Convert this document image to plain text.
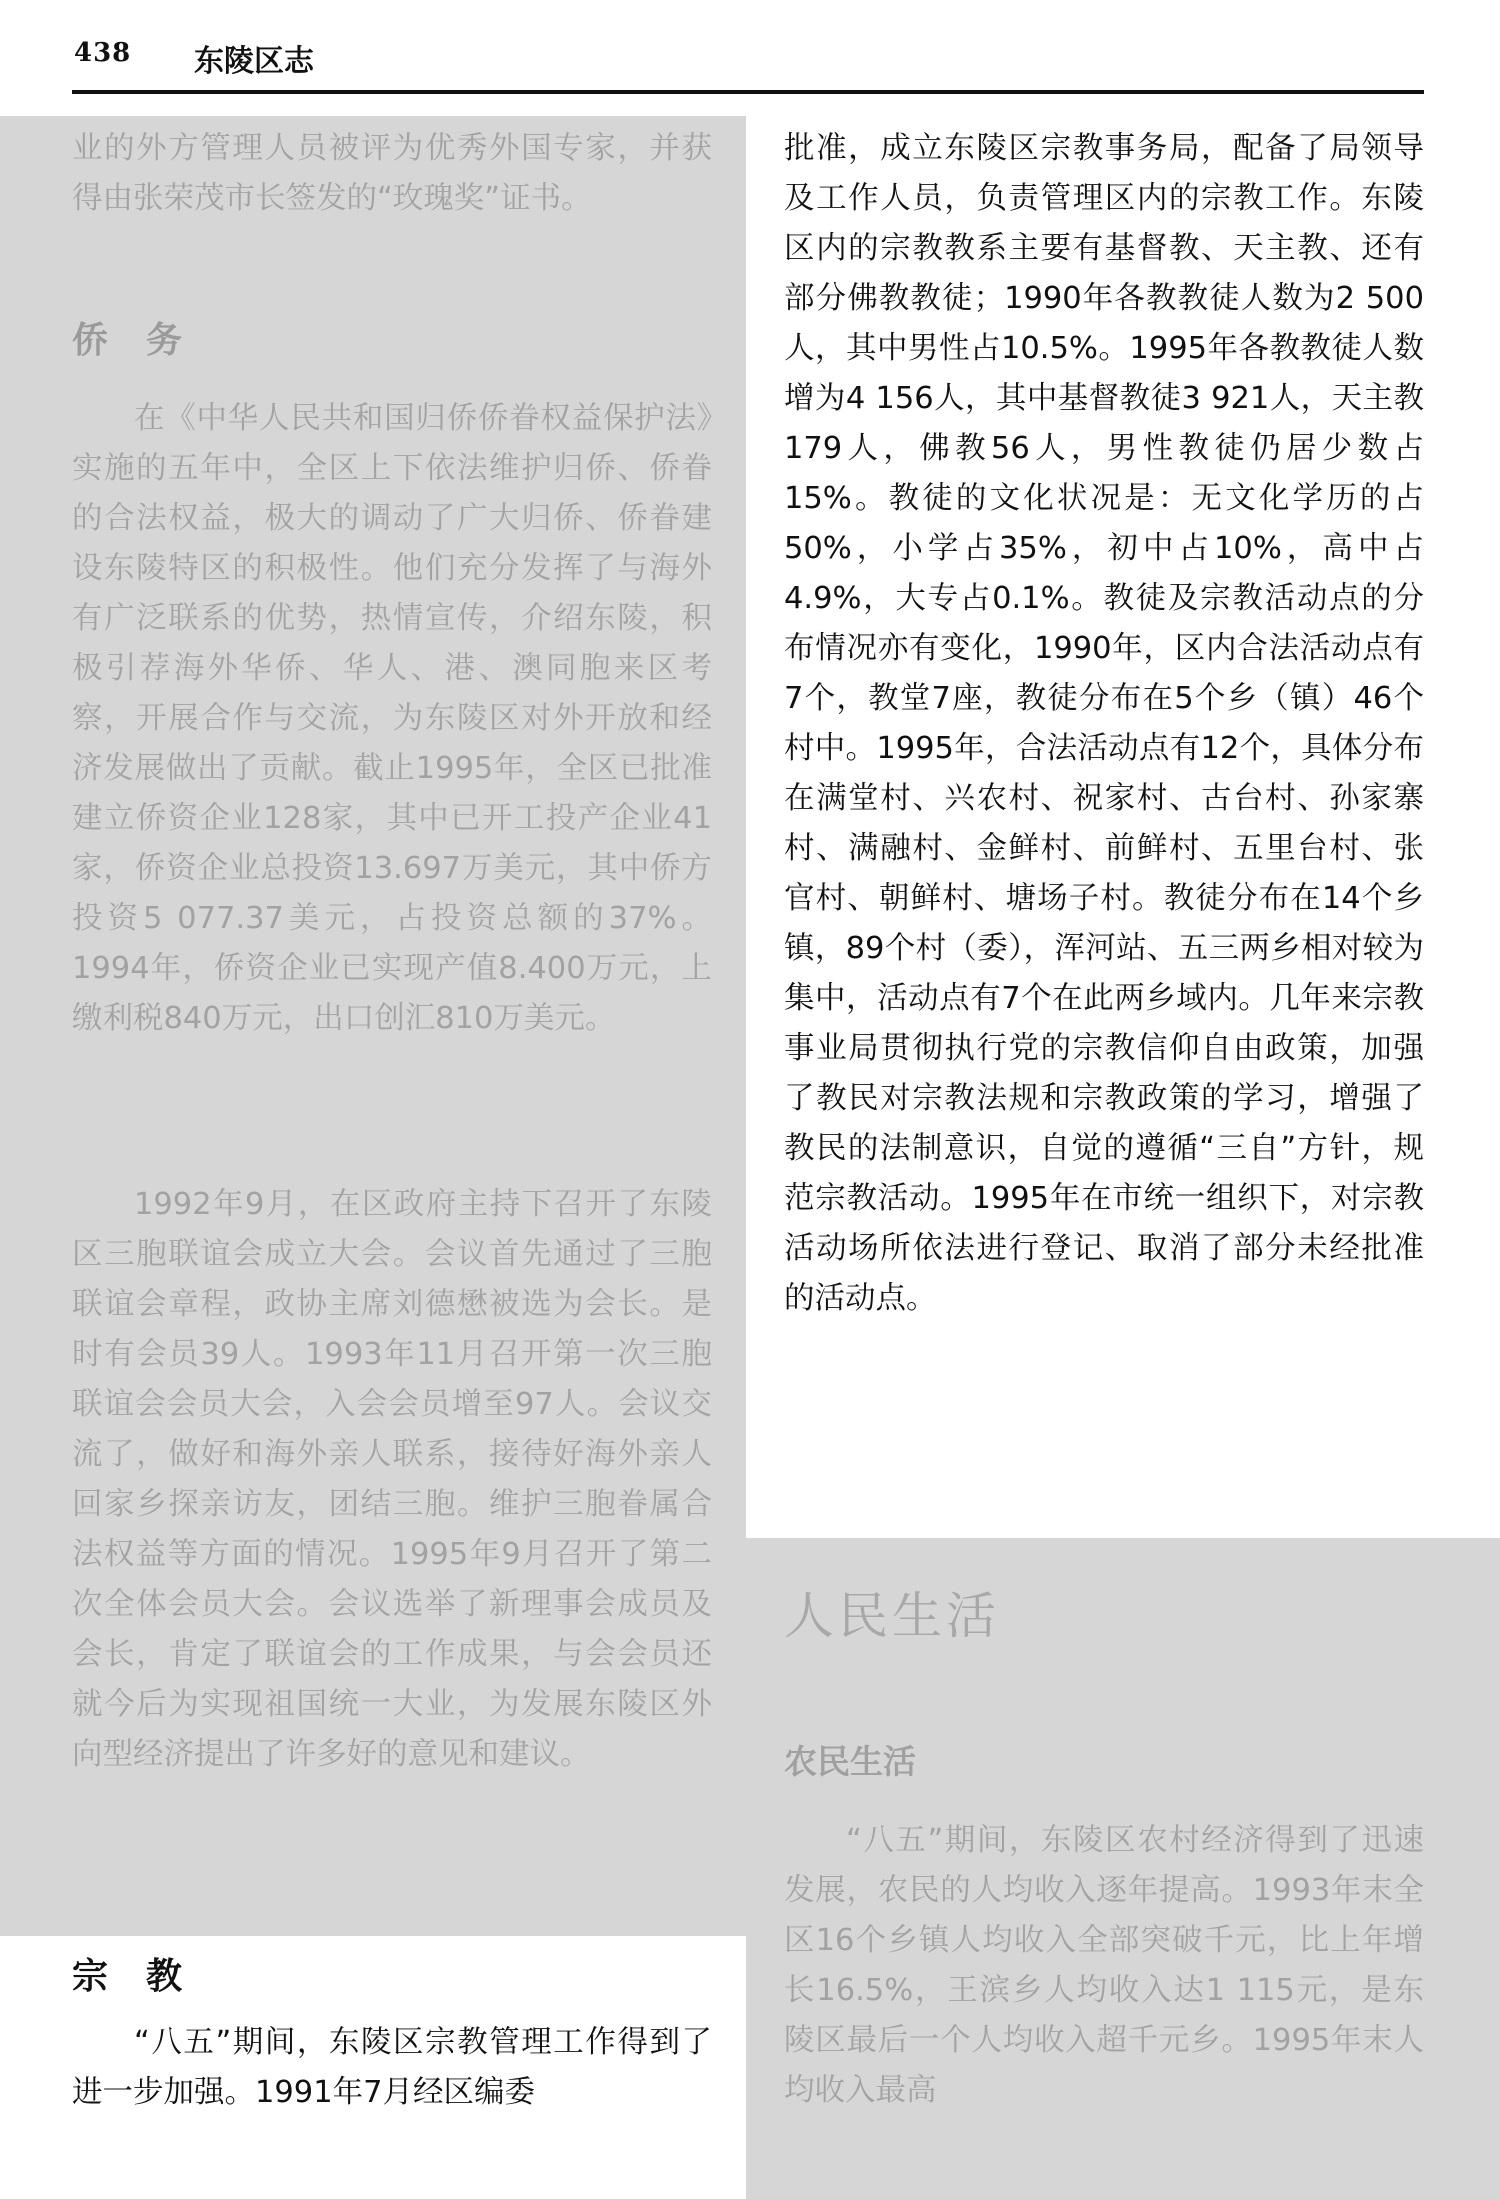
438 东陵区志

业的外方管理人员被评为优秀外国专家，并获得由张荣茂市长签发的“玫瑰奖”证书。

侨务

在《中华人民共和国归侨侨眷权益保护法》实施的五年中，全区上下依法维护归侨、侨眷的合法权益，极大的调动了广大归侨、侨眷建设东陵特区的积极性。他们充分发挥了与海外有广泛联系的优势，热情宣传，介绍东陵，积极引荐海外华侨、华人、港、澳同胞来区考察，开展合作与交流，为东陵区对外开放和经济发展做出了贡献。截止1995年，全区已批准建立侨资企业128家，其中已开工投产企业41家，侨资企业总投资13.697万美元，其中侨方投资5 077.37美元，占投资总额的37%。1994年，侨资企业已实现产值8.400万元，上缴利税840万元，出口创汇810万美元。

1992年9月，在区政府主持下召开了东陵区三胞联谊会成立大会。会议首先通过了三胞联谊会章程，政协主席刘德懋被选为会长。是时有会员39人。1993年11月召开第一次三胞联谊会会员大会，入会会员增至97人。会议交流了，做好和海外亲人联系，接待好海外亲人回家乡探亲访友，团结三胞。维护三胞眷属合法权益等方面的情况。1995年9月召开了第二次全体会员大会。会议选举了新理事会成员及会长，肯定了联谊会的工作成果，与会会员还就今后为实现祖国统一大业，为发展东陵区外向型经济提出了许多好的意见和建议。

宗教

“八五”期间，东陵区宗教管理工作得到了进一步加强。1991年7月经区编委

批准，成立东陵区宗教事务局，配备了局领导及工作人员，负责管理区内的宗教工作。东陵区内的宗教教系主要有基督教、天主教、还有部分佛教教徒；1990年各教教徒人数为2 500人，其中男性占10.5%。1995年各教教徒人数增为4 156人，其中基督教徒3 921人，天主教179人，佛教56人，男性教徒仍居少数占15%。教徒的文化状况是：无文化学历的占50%，小学占35%，初中占10%，高中占4.9%，大专占0.1%。教徒及宗教活动点的分布情况亦有变化，1990年，区内合法活动点有7个，教堂7座，教徒分布在5个乡（镇）46个村中。1995年，合法活动点有12个，具体分布在满堂村、兴农村、祝家村、古台村、孙家寨村、满融村、金鲜村、前鲜村、五里台村、张官村、朝鲜村、塘场子村。教徒分布在14个乡镇，89个村（委），浑河站、五三两乡相对较为集中，活动点有7个在此两乡域内。几年来宗教事业局贯彻执行党的宗教信仰自由政策，加强了教民对宗教法规和宗教政策的学习，增强了教民的法制意识，自觉的遵循“三自”方针，规范宗教活动。1995年在市统一组织下，对宗教活动场所依法进行登记、取消了部分未经批准的活动点。

人民生活

农民生活

“八五”期间，东陵区农村经济得到了迅速发展，农民的人均收入逐年提高。1993年末全区16个乡镇人均收入全部突破千元，比上年增长16.5%，王滨乡人均收入达1 115元，是东陵区最后一个人均收入超千元乡。1995年末人均收入最高
